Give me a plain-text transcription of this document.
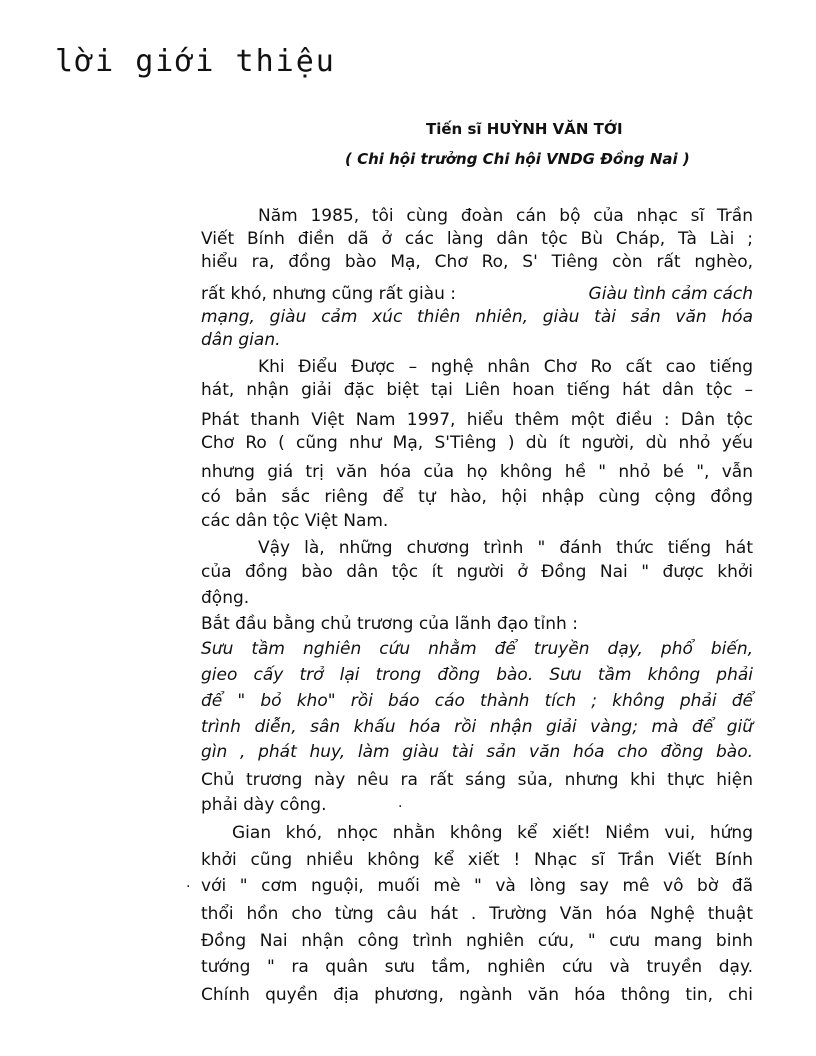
lời giới thiệu
Tiến sĩ HUỲNH VĂN TỚI
( Chi hội trưởng Chi hội VNDG Đồng Nai )
Năm 1985, tôi cùng đoàn cán bộ của nhạc sĩ Trần
Viết Bính điền dã ở các làng dân tộc Bù Cháp, Tà Lài ;
hiểu ra, đồng bào Mạ, Chơ Ro, S' Tiêng còn rất nghèo,
rất khó, nhưng cũng rất giàu :	Giàu tình cảm cách
mạng, giàu cảm xúc thiên nhiên, giàu tài sản văn hóa
dân gian.
Khi Điểu Được – nghệ nhân Chơ Ro cất cao tiếng
hát, nhận giải đặc biệt tại Liên hoan tiếng hát dân tộc –
Phát thanh Việt Nam 1997, hiểu thêm một điều : Dân tộc
Chơ Ro ( cũng như Mạ, S'Tiêng ) dù ít người, dù nhỏ yếu
nhưng giá trị văn hóa của họ không hề " nhỏ bé ", vẫn
có bản sắc riêng để tự hào, hội nhập cùng cộng đồng
các dân tộc Việt Nam.
Vậy là, những chương trình " đánh thức tiếng hát
của đồng bào dân tộc ít người ở Đồng Nai " được khởi
động.
Bắt đầu bằng chủ trương của lãnh đạo tỉnh :
Sưu tầm nghiên cứu nhằm để truyền dạy, phổ biến,
gieo cấy trở lại trong đồng bào. Sưu tầm không phải
để " bỏ kho" rồi báo cáo thành tích ; không phải để
trình diễn, sân khấu hóa rồi nhận giải vàng; mà để giữ
gìn , phát huy, làm giàu tài sản văn hóa cho đồng bào.
Chủ trương này nêu ra rất sáng sủa, nhưng khi thực hiện
phải dày công.
Gian khó, nhọc nhằn không kể xiết! Niềm vui, hứng
khởi cũng nhiều không kể xiết ! Nhạc sĩ Trần Viết Bính
với " cơm nguội, muối mè " và lòng say mê vô bờ đã
thổi hồn cho từng câu hát . Trường Văn hóa Nghệ thuật
Đồng Nai nhận công trình nghiên cứu, " cưu mang binh
tướng " ra quân sưu tầm, nghiên cứu và truyền dạy.
Chính quyền địa phương, ngành văn hóa thông tin, chi
·
·
